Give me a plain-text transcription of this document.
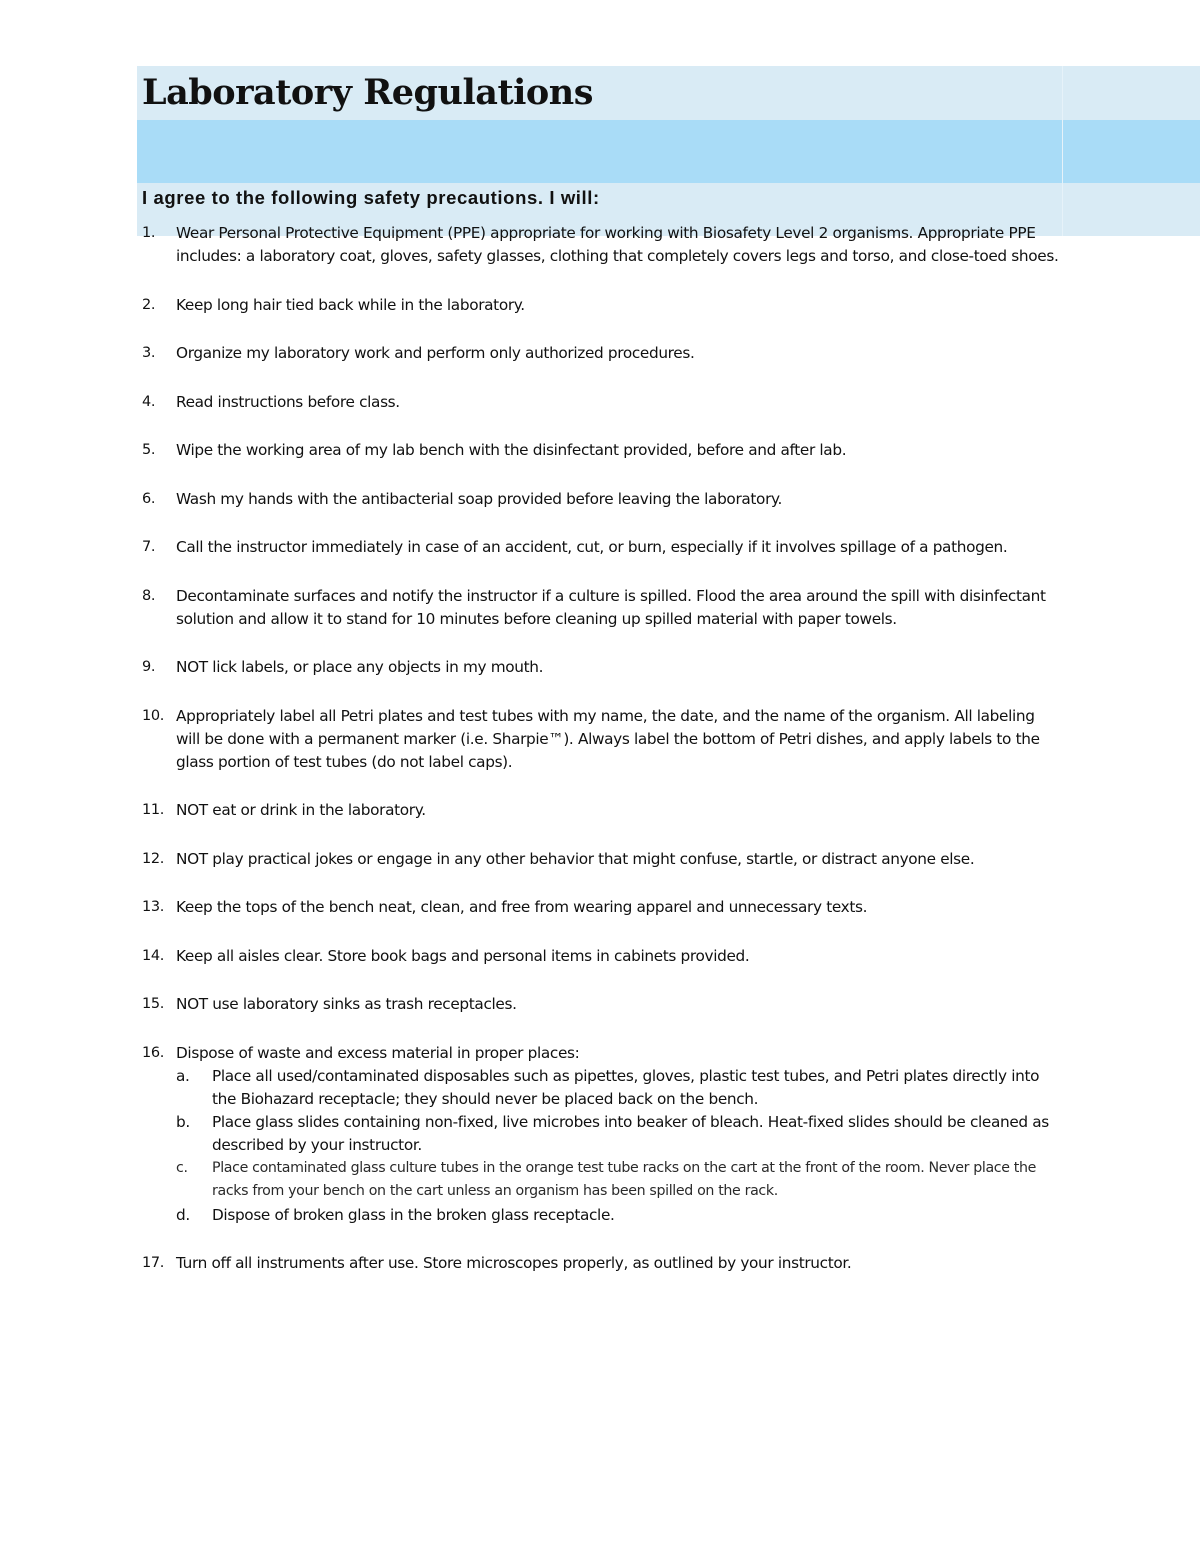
Laboratory Regulations
I agree to the following safety precautions. I will:
1. Wear Personal Protective Equipment (PPE) appropriate for working with Biosafety Level 2 organisms. Appropriate PPE includes: a laboratory coat, gloves, safety glasses, clothing that completely covers legs and torso, and close-toed shoes.
2. Keep long hair tied back while in the laboratory.
3. Organize my laboratory work and perform only authorized procedures.
4. Read instructions before class.
5. Wipe the working area of my lab bench with the disinfectant provided, before and after lab.
6. Wash my hands with the antibacterial soap provided before leaving the laboratory.
7. Call the instructor immediately in case of an accident, cut, or burn, especially if it involves spillage of a pathogen.
8. Decontaminate surfaces and notify the instructor if a culture is spilled. Flood the area around the spill with disinfectant solution and allow it to stand for 10 minutes before cleaning up spilled material with paper towels.
9. NOT lick labels, or place any objects in my mouth.
10. Appropriately label all Petri plates and test tubes with my name, the date, and the name of the organism. All labeling will be done with a permanent marker (i.e. Sharpie™). Always label the bottom of Petri dishes, and apply labels to the glass portion of test tubes (do not label caps).
11. NOT eat or drink in the laboratory.
12. NOT play practical jokes or engage in any other behavior that might confuse, startle, or distract anyone else.
13. Keep the tops of the bench neat, clean, and free from wearing apparel and unnecessary texts.
14. Keep all aisles clear. Store book bags and personal items in cabinets provided.
15. NOT use laboratory sinks as trash receptacles.
16. Dispose of waste and excess material in proper places:
a. Place all used/contaminated disposables such as pipettes, gloves, plastic test tubes, and Petri plates directly into the Biohazard receptacle; they should never be placed back on the bench.
b. Place glass slides containing non-fixed, live microbes into beaker of bleach. Heat-fixed slides should be cleaned as described by your instructor.
c. Place contaminated glass culture tubes in the orange test tube racks on the cart at the front of the room. Never place the racks from your bench on the cart unless an organism has been spilled on the rack.
d. Dispose of broken glass in the broken glass receptacle.
17. Turn off all instruments after use. Store microscopes properly, as outlined by your instructor.
